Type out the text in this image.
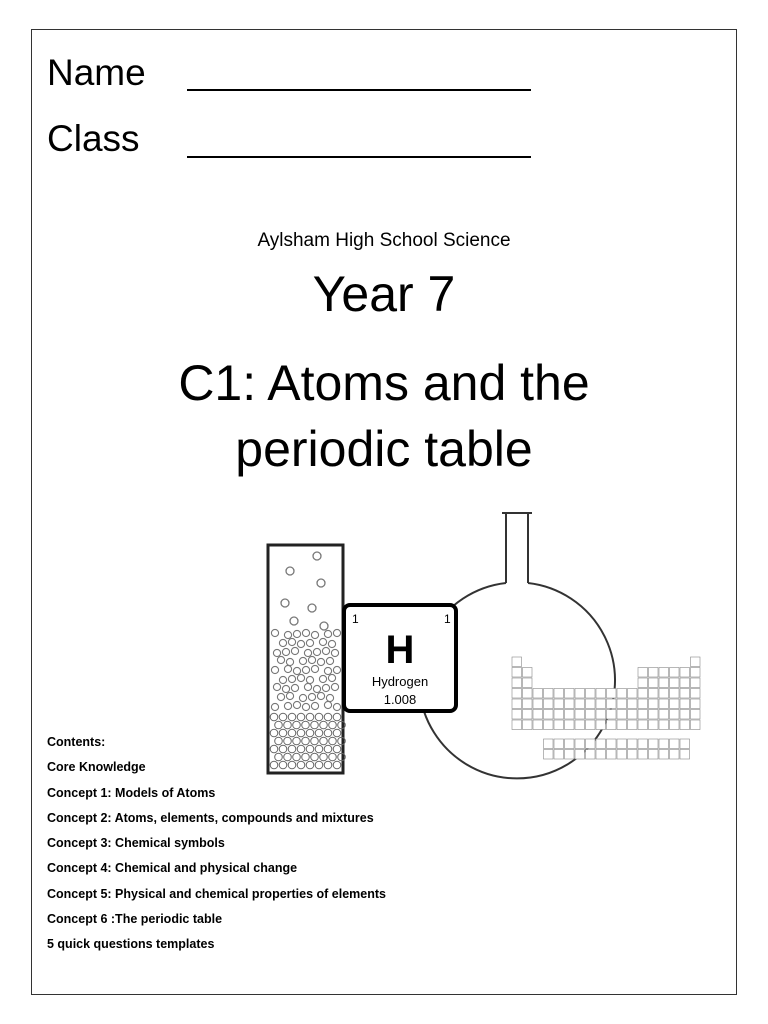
Name
Class
Aylsham High School Science
Year 7
C1: Atoms and the
periodic table
1	1
H
Hydrogen
1.008
Contents:
Core Knowledge
Concept 1: Models of Atoms
Concept 2: Atoms, elements, compounds and mixtures
Concept 3: Chemical symbols
Concept 4: Chemical and physical change
Concept 5: Physical and chemical properties of elements
Concept 6 :The periodic table
5 quick questions templates
